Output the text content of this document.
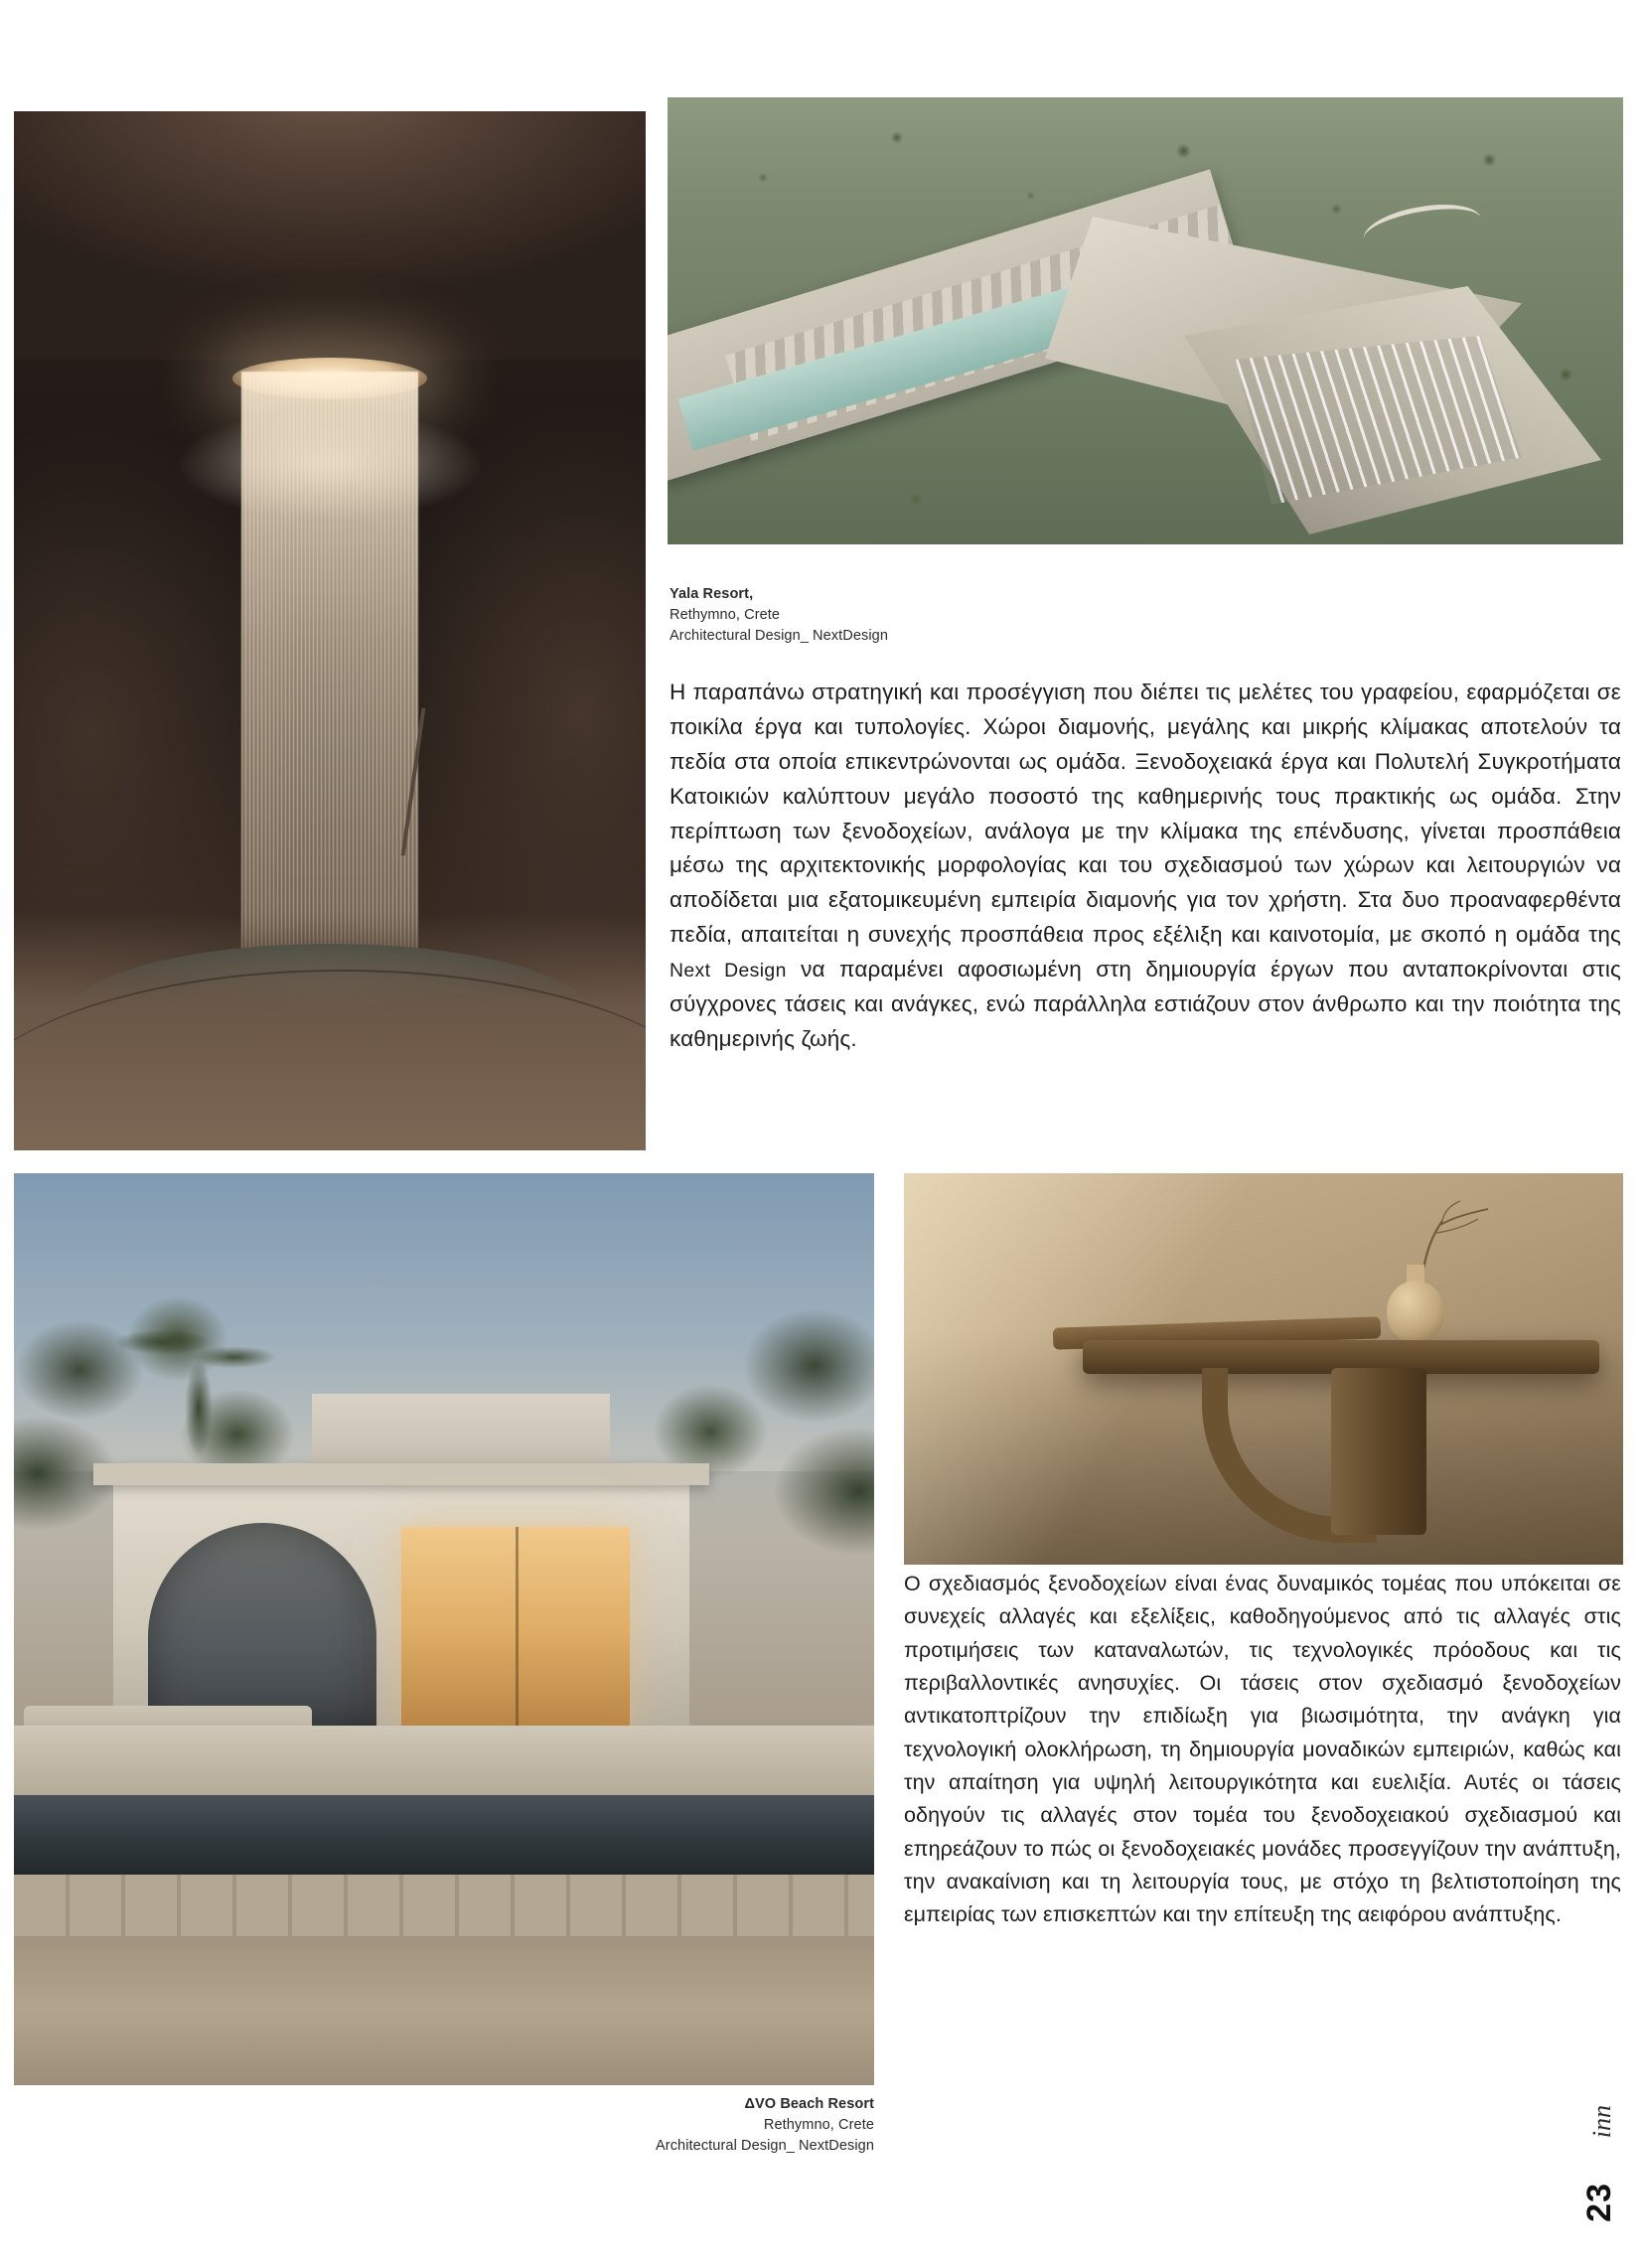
Yala Resort,
Rethymno, Crete
Architectural Design_ NextDesign
Η παραπάνω στρατηγική και προσέγγιση που διέπει τις μελέτες του γραφείου, εφαρμόζεται σε ποικίλα έργα και τυπολογίες. Χώροι διαμονής, μεγάλης και μικρής κλίμακας αποτελούν τα πεδία στα οποία επικεντρώνονται ως ομάδα. Ξενοδοχειακά έργα και Πολυτελή Συγκροτήματα Κατοικιών καλύπτουν μεγάλο ποσοστό της καθημερινής τους πρακτικής ως ομάδα. Στην περίπτωση των ξενοδοχείων, ανάλογα με την κλίμακα της επένδυσης, γίνεται προσπάθεια μέσω της αρχιτεκτονικής μορφολογίας και του σχεδιασμού των χώρων και λειτουργιών να αποδίδεται μια εξατομικευμένη εμπειρία διαμονής για τον χρήστη. Στα δυο προαναφερθέντα πεδία, απαιτείται η συνεχής προσπάθεια προς εξέλιξη και καινοτομία, με σκοπό η ομάδα της Next Design να παραμένει αφοσιωμένη στη δημιουργία έργων που ανταποκρίνονται στις σύγχρονες τάσεις και ανάγκες, ενώ παράλληλα εστιάζουν στον άνθρωπο και την ποιότητα της καθημερινής ζωής.
Ο σχεδιασμός ξενοδοχείων είναι ένας δυναμικός τομέας που υπόκειται σε συνεχείς αλλαγές και εξελίξεις, καθοδηγούμενος από τις αλλαγές στις προτιμήσεις των καταναλωτών, τις τεχνολογικές πρόοδους και τις περιβαλλοντικές ανησυχίες. Οι τάσεις στον σχεδιασμό ξενοδοχείων αντικατοπτρίζουν την επιδίωξη για βιωσιμότητα, την ανάγκη για τεχνολογική ολοκλήρωση, τη δημιουργία μοναδικών εμπειριών, καθώς και την απαίτηση για υψηλή λειτουργικότητα και ευελιξία. Αυτές οι τάσεις οδηγούν τις αλλαγές στον τομέα του ξενοδοχειακού σχεδιασμού και επηρεάζουν το πώς οι ξενοδοχειακές μονάδες προσεγγίζουν την ανάπτυξη, την ανακαίνιση και τη λειτουργία τους, με στόχο τη βελτιστοποίηση της εμπειρίας των επισκεπτών και την επίτευξη της αειφόρου ανάπτυξης.
ΔVO Beach Resort
Rethymno, Crete
Architectural Design_ NextDesign
23
inn
